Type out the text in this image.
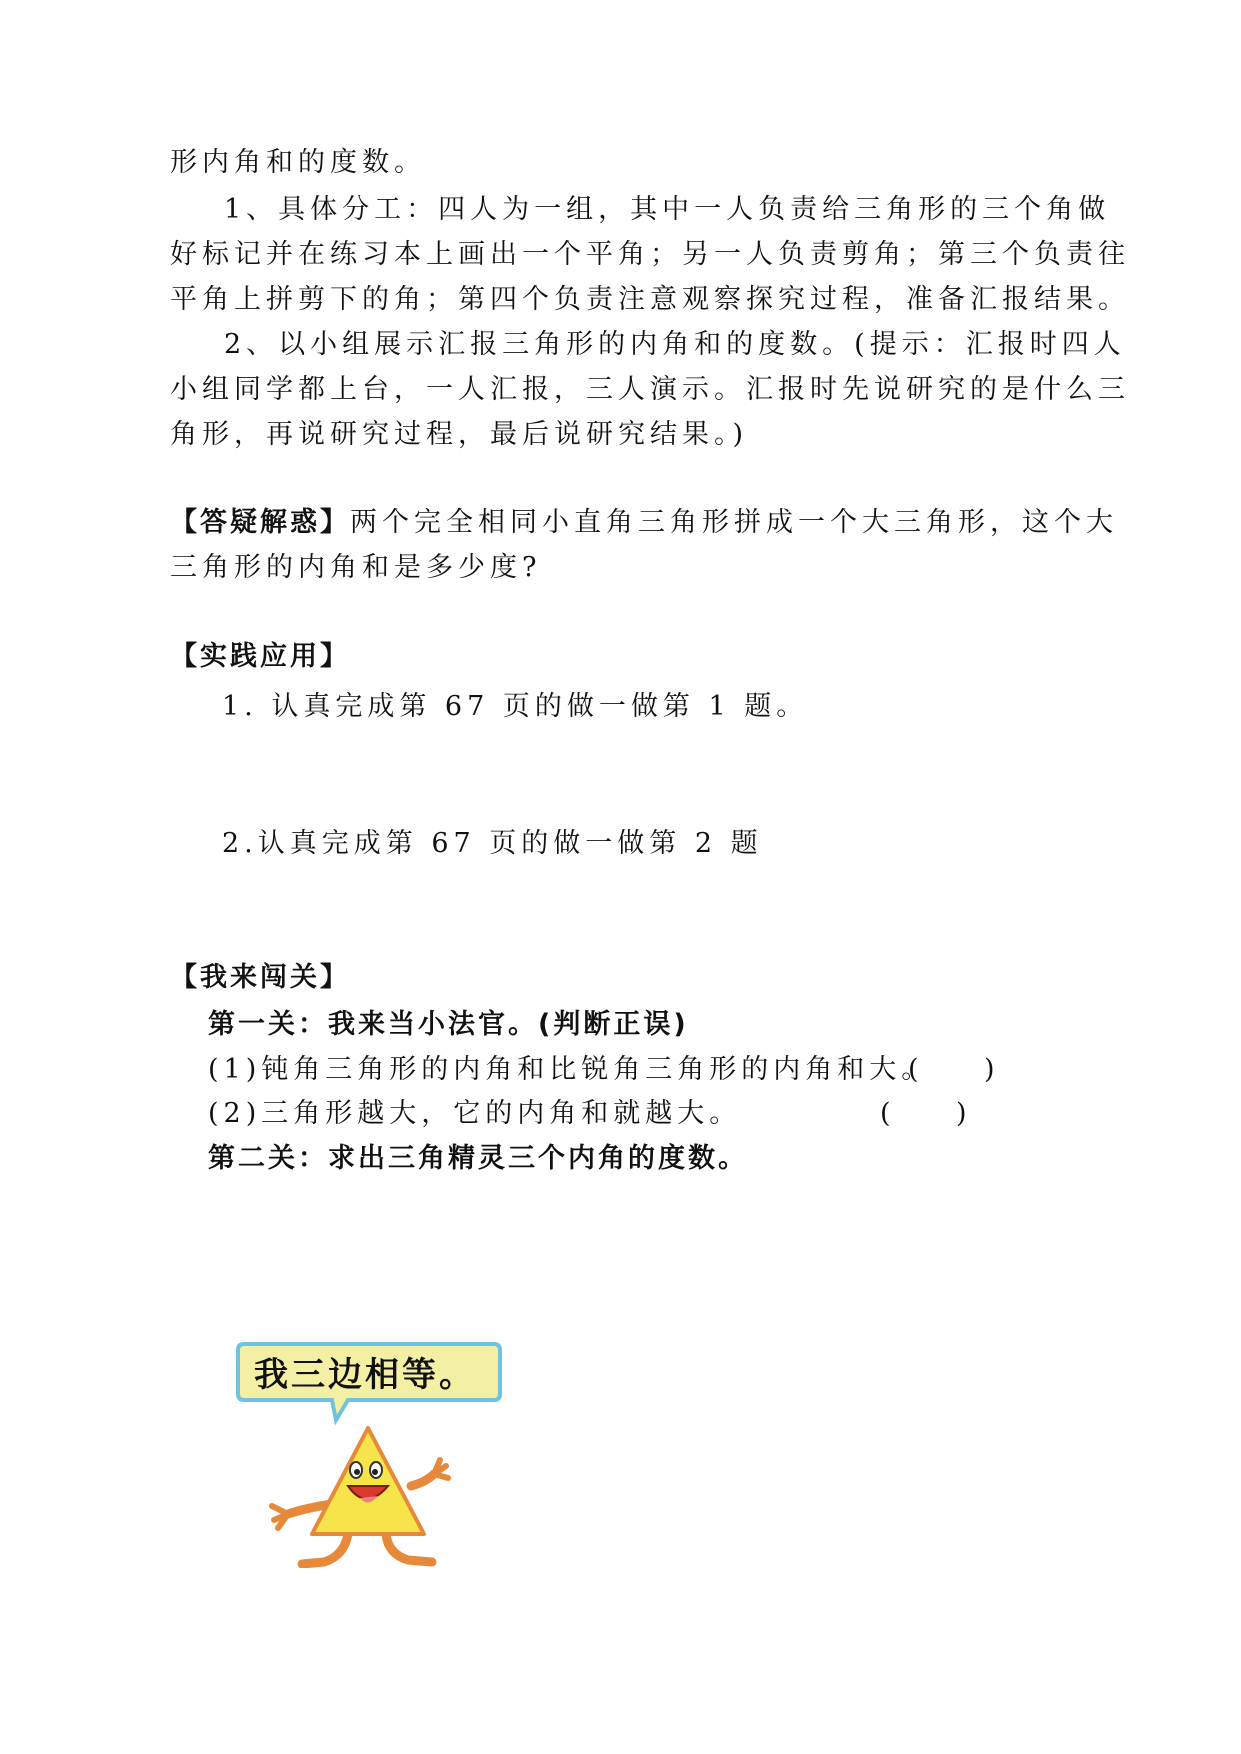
形内角和的度数。
1、具体分工：四人为一组，其中一人负责给三角形的三个角做
好标记并在练习本上画出一个平角；另一人负责剪角；第三个负责往
平角上拼剪下的角；第四个负责注意观察探究过程，准备汇报结果。
2、以小组展示汇报三角形的内角和的度数。(提示：汇报时四人
小组同学都上台，一人汇报，三人演示。汇报时先说研究的是什么三
角形，再说研究过程，最后说研究结果。)
【答疑解惑】两个完全相同小直角三角形拼成一个大三角形，这个大
三角形的内角和是多少度?
【实践应用】
1. 认真完成第 67 页的做一做第 1 题。
2.认真完成第 67 页的做一做第 2 题
【我来闯关】
第一关：我来当小法官。(判断正误)
(1)钝角三角形的内角和比锐角三角形的内角和大。
(      )
(2)三角形越大，它的内角和就越大。	(      )
第二关：求出三角精灵三个内角的度数。
我三边相等。
